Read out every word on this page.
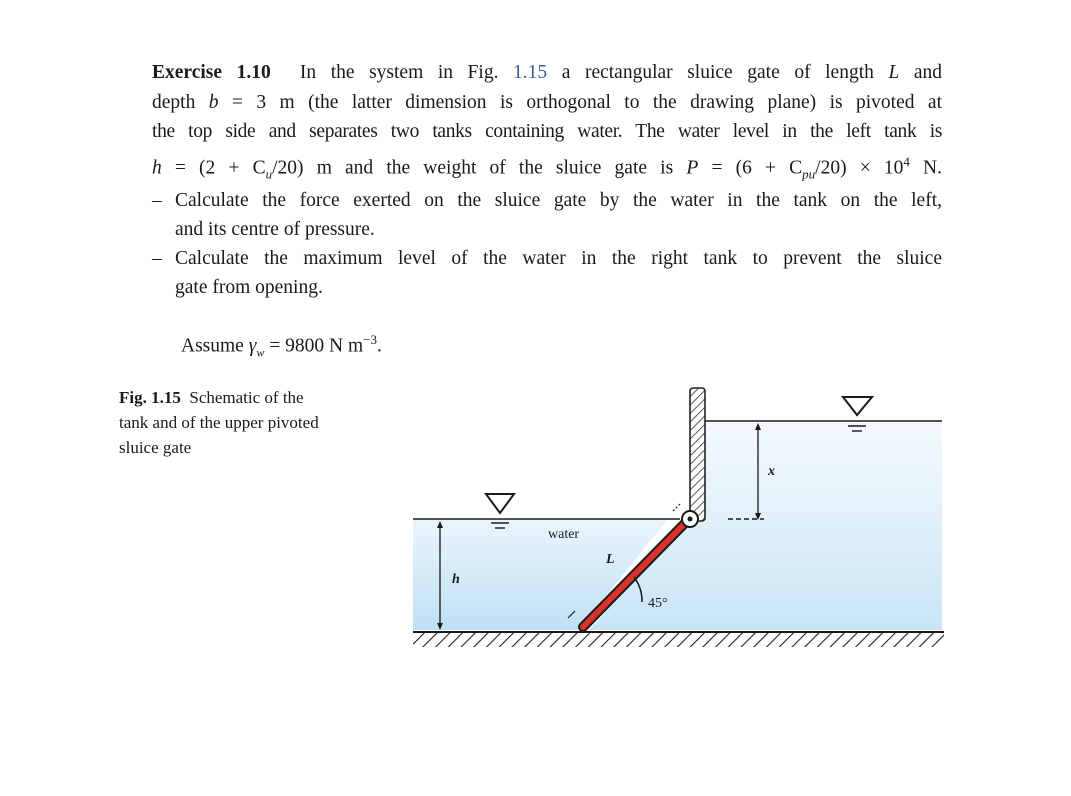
Exercise 1.10 In the system in Fig. 1.15 a rectangular sluice gate of length L and
depth b = 3 m (the latter dimension is orthogonal to the drawing plane) is pivoted at
the top side and separates two tanks containing water. The water level in the left tank is
$h = (2 + C_u/20)$ m and the weight of the sluice gate is $P = (6 + C_{pu}/20) \times 10^4$ N.
– Calculate the force exerted on the sluice gate by the water in the tank on the left,
and its centre of pressure.
– Calculate the maximum level of the water in the right tank to prevent the sluice
gate from opening.
Assume $\gamma_w = 9800$ N $m^{-3}$.
Fig. 1.15 Schematic of the
tank and of the upper pivoted
sluice gate
water
h
L
x
45°
